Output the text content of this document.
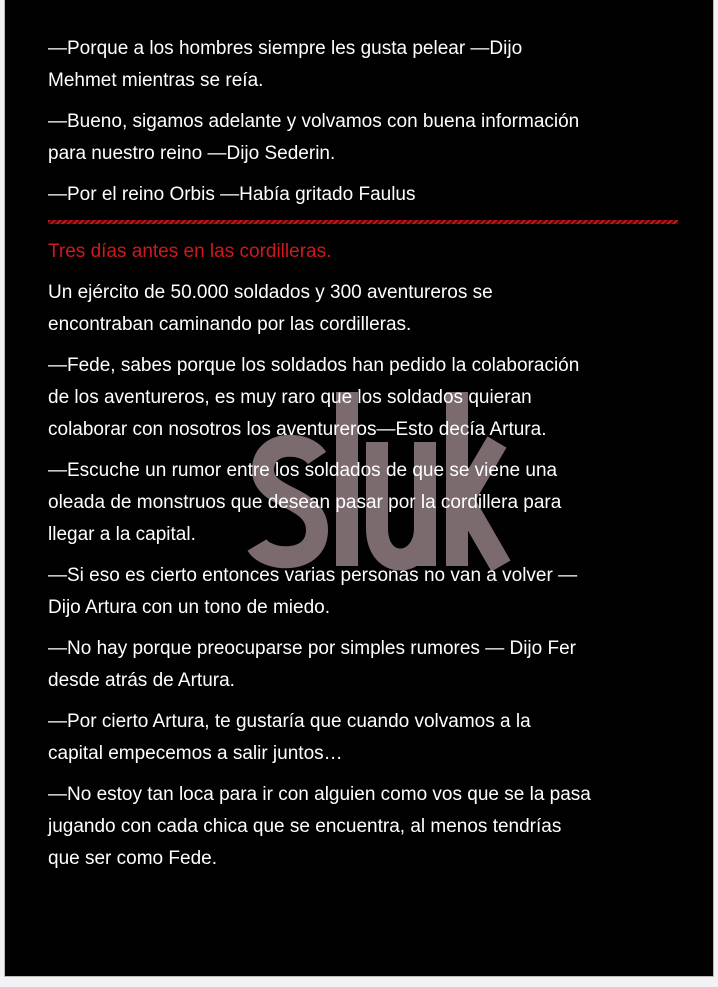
—Porque a los hombres siempre les gusta pelear —Dijo
Mehmet mientras se reía.
—Bueno, sigamos adelante y volvamos con buena información
para nuestro reino —Dijo Sederin.
—Por el reino Orbis —Había gritado Faulus
Tres días antes en las cordilleras.
Un ejército de 50.000 soldados y 300 aventureros se
encontraban caminando por las cordilleras.
—Fede, sabes porque los soldados han pedido la colaboración
de los aventureros, es muy raro que los soldados quieran
colaborar con nosotros los aventureros—Esto decía Artura.
—Escuche un rumor entre los soldados de que se viene una
oleada de monstruos que desean pasar por la cordillera para
llegar a la capital.
—Si eso es cierto entonces varias personas no van a volver —
Dijo Artura con un tono de miedo.
—No hay porque preocuparse por simples rumores — Dijo Fer
desde atrás de Artura.
—Por cierto Artura, te gustaría que cuando volvamos a la
capital empecemos a salir juntos…
—No estoy tan loca para ir con alguien como vos que se la pasa
jugando con cada chica que se encuentra, al menos tendrías
que ser como Fede.
